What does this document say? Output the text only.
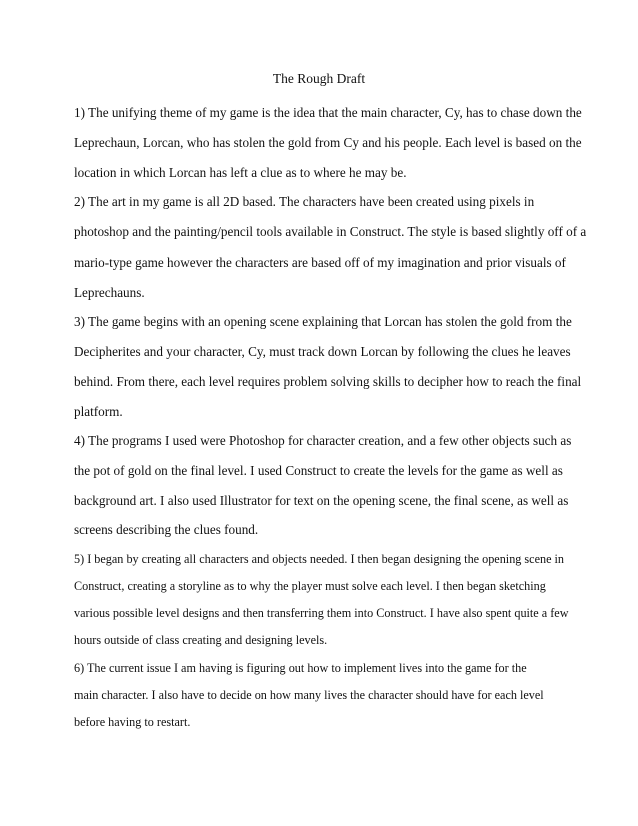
The Rough Draft
1) The unifying theme of my game is the idea that the main character, Cy, has to chase down the
Leprechaun, Lorcan, who has stolen the gold from Cy and his people. Each level is based on the
location in which Lorcan has left a clue as to where he may be.
2) The art in my game is all 2D based. The characters have been created using pixels in
photoshop and the painting/pencil tools available in Construct. The style is based slightly off of a
mario-type game however the characters are based off of my imagination and prior visuals of
Leprechauns.
3) The game begins with an opening scene explaining that Lorcan has stolen the gold from the
Decipherites and your character, Cy, must track down Lorcan by following the clues he leaves
behind. From there, each level requires problem solving skills to decipher how to reach the final
platform.
4) The programs I used were Photoshop for character creation, and a few other objects such as
the pot of gold on the final level. I used Construct to create the levels for the game as well as
background art. I also used Illustrator for text on the opening scene, the final scene, as well as
screens describing the clues found.
5) I began by creating all characters and objects needed. I then began designing the opening scene in
Construct, creating a storyline as to why the player must solve each level. I then began sketching
various possible level designs and then transferring them into Construct. I have also spent quite a few
hours outside of class creating and designing levels.
6) The current issue I am having is figuring out how to implement lives into the game for the
main character. I also have to decide on how many lives the character should have for each level
before having to restart.
